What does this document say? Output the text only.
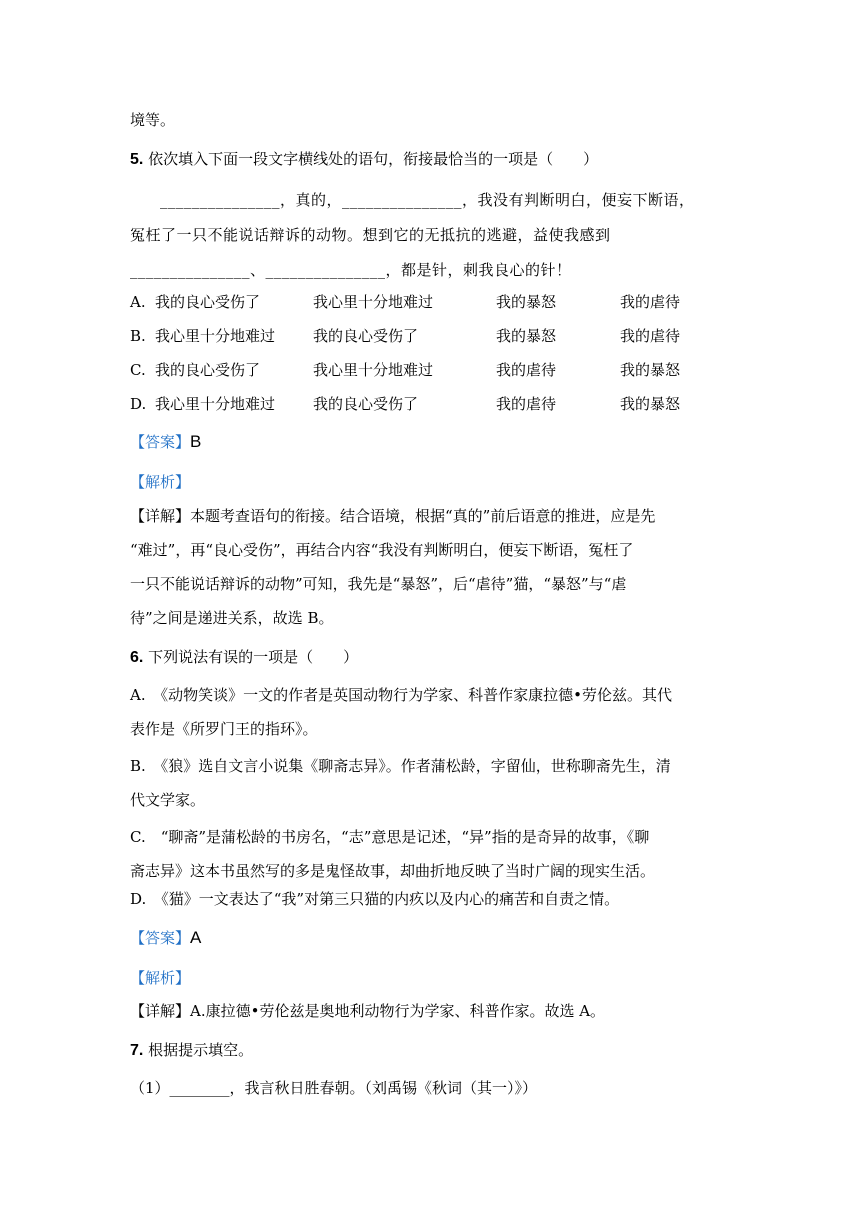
境等。
5. 依次填入下面一段文字横线处的语句，衔接最恰当的一项是（　　）
_______________，真的，_______________，我没有判断明白，便妄下断语，
冤枉了一只不能说话辩诉的动物。想到它的无抵抗的逃避，益使我感到
_______________、_______________，都是针，刺我良心的针！
A. 我的良心受伤了	我心里十分地难过	我的暴怒	我的虐待
B. 我心里十分地难过	我的良心受伤了	我的暴怒	我的虐待
C. 我的良心受伤了	我心里十分地难过	我的虐待	我的暴怒
D. 我心里十分地难过	我的良心受伤了	我的虐待	我的暴怒
【答案】B
【解析】
【详解】本题考查语句的衔接。结合语境，根据“真的”前后语意的推进，应是先
“难过”，再“良心受伤”，再结合内容“我没有判断明白，便妄下断语，冤枉了
一只不能说话辩诉的动物”可知，我先是“暴怒”，后“虐待”猫，“暴怒”与“虐
待”之间是递进关系，故选 B。
6. 下列说法有误的一项是（　　）
A.　《动物笑谈》一文的作者是英国动物行为学家、科普作家康拉德•劳伦兹。其代
表作是《所罗门王的指环》。
B.　《狼》选自文言小说集《聊斋志异》。作者蒲松龄，字留仙，世称聊斋先生，清
代文学家。
C.　“聊斋”是蒲松龄的书房名，“志”意思是记述，“异”指的是奇异的故事，《聊
斋志异》这本书虽然写的多是鬼怪故事，却曲折地反映了当时广阔的现实生活。
D.　《猫》一文表达了“我”对第三只猫的内疚以及内心的痛苦和自责之情。
【答案】A
【解析】
【详解】A.康拉德•劳伦兹是奥地利动物行为学家、科普作家。故选 A。
7. 根据提示填空。
（1）________，我言秋日胜春朝。（刘禹锡《秋词（其一）》）
